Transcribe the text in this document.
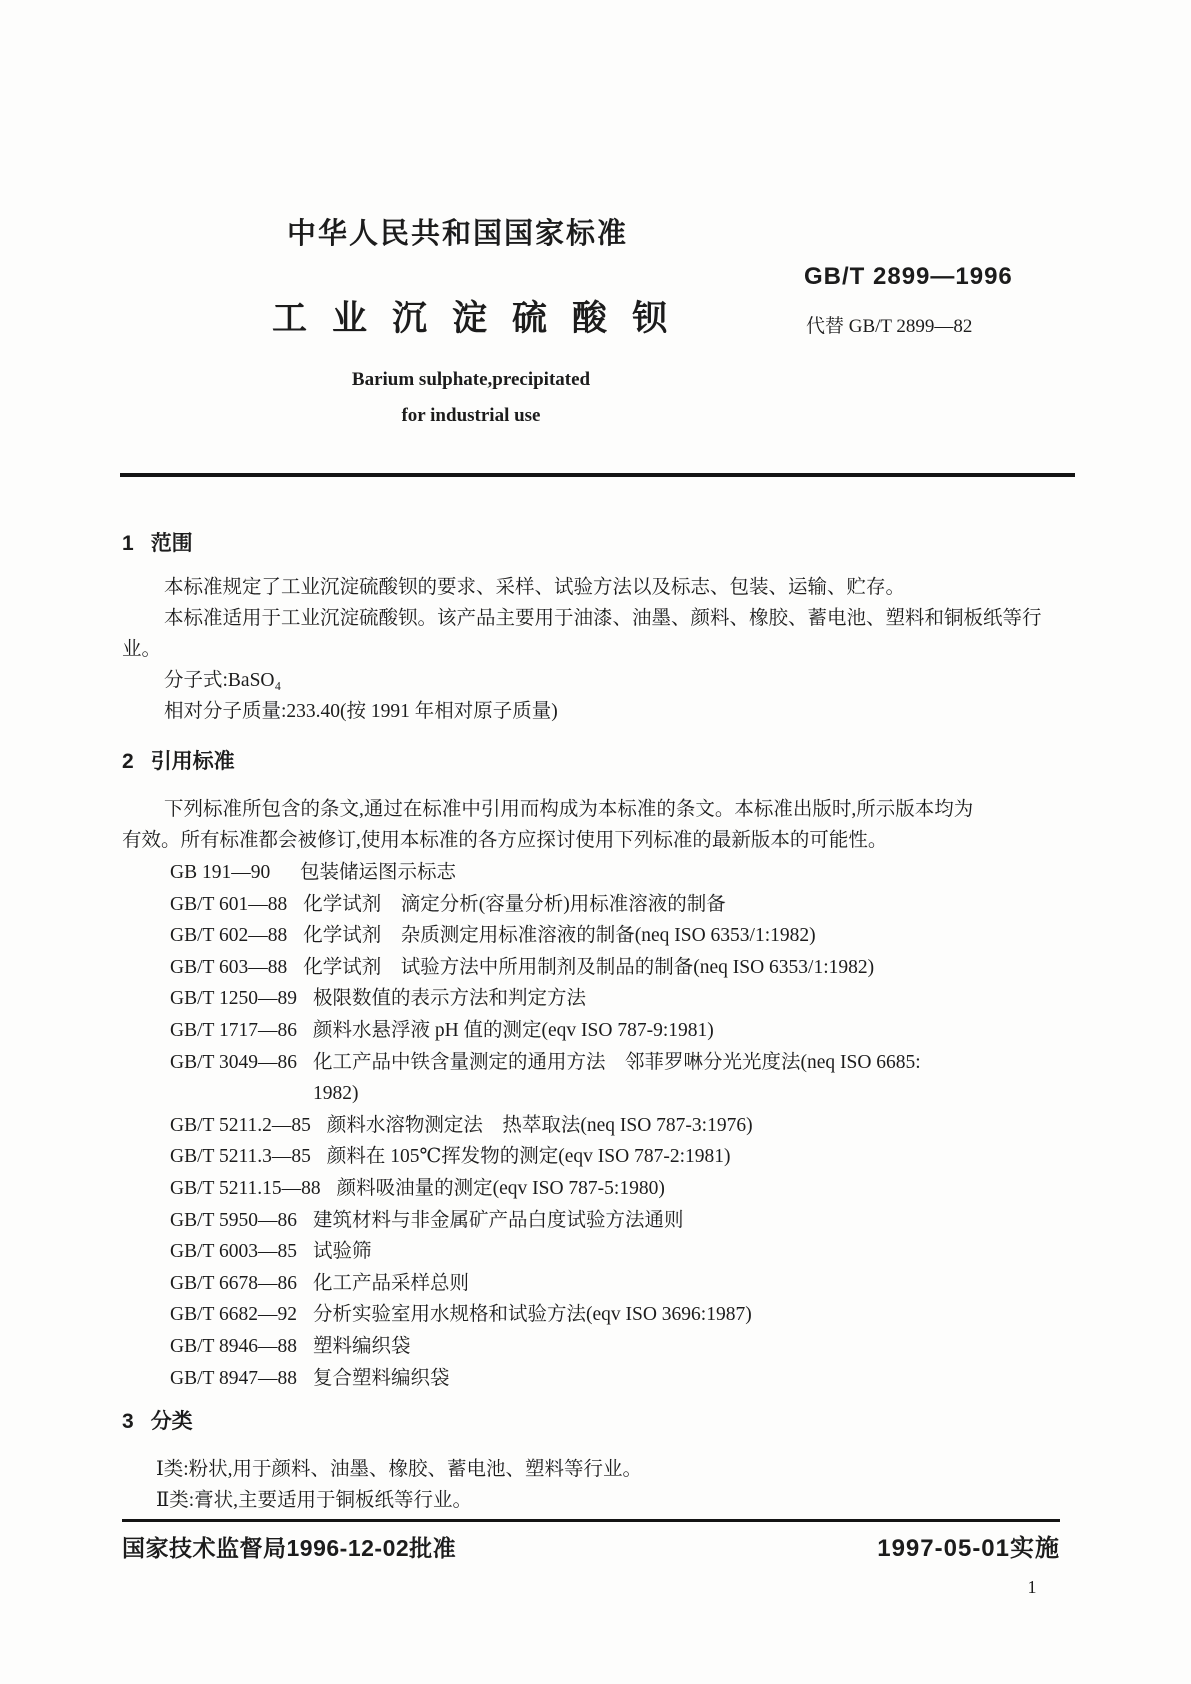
中华人民共和国国家标准
GB/T 2899—1996
工业沉淀硫酸钡	代替 GB/T 2899—82
Barium sulphate,precipitated
for industrial use
1 范围
本标准规定了工业沉淀硫酸钡的要求、采样、试验方法以及标志、包装、运输、贮存。
本标准适用于工业沉淀硫酸钡。该产品主要用于油漆、油墨、颜料、橡胶、蓄电池、塑料和铜板纸等行
业。
分子式:BaSO₄
相对分子质量:233.40(按 1991 年相对原子质量)
2 引用标准
下列标准所包含的条文,通过在标准中引用而构成为本标准的条文。本标准出版时,所示版本均为
有效。所有标准都会被修订,使用本标准的各方应探讨使用下列标准的最新版本的可能性。
GB 191—90	包装储运图示标志
GB/T 601—88 化学试剂　滴定分析(容量分析)用标准溶液的制备
GB/T 602—88 化学试剂　杂质测定用标准溶液的制备(neq ISO 6353/1:1982)
GB/T 603—88 化学试剂　试验方法中所用制剂及制品的制备(neq ISO 6353/1:1982)
GB/T 1250—89 极限数值的表示方法和判定方法
GB/T 1717—86 颜料水悬浮液 pH 值的测定(eqv ISO 787-9:1981)
GB/T 3049—86 化工产品中铁含量测定的通用方法　邻菲罗啉分光光度法(neq ISO 6685:
1982)
GB/T 5211.2—85 颜料水溶物测定法　热萃取法(neq ISO 787-3:1976)
GB/T 5211.3—85 颜料在 105℃挥发物的测定(eqv ISO 787-2:1981)
GB/T 5211.15—88 颜料吸油量的测定(eqv ISO 787-5:1980)
GB/T 5950—86 建筑材料与非金属矿产品白度试验方法通则
GB/T 6003—85 试验筛
GB/T 6678—86 化工产品采样总则
GB/T 6682—92 分析实验室用水规格和试验方法(eqv ISO 3696:1987)
GB/T 8946—88 塑料编织袋
GB/T 8947—88 复合塑料编织袋
3 分类
Ⅰ类:粉状,用于颜料、油墨、橡胶、蓄电池、塑料等行业。
Ⅱ类:膏状,主要适用于铜板纸等行业。
国家技术监督局1996-12-02批准	1997-05-01实施
1
